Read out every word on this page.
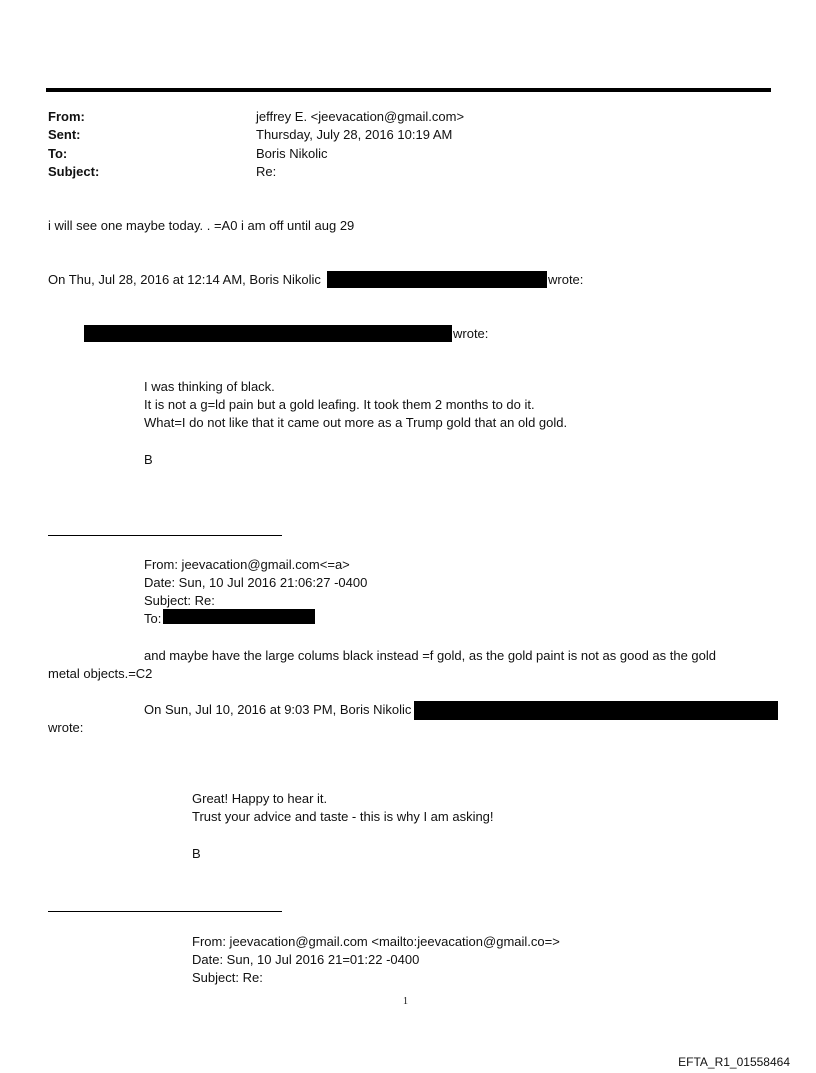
From:	jeffrey E. <jeevacation@gmail.com>
Sent:	Thursday, July 28, 2016 10:19 AM
To:	Boris Nikolic
Subject:	Re:
i will see one maybe today. . =A0 i am off until aug 29
On Thu, Jul 28, 2016 at 12:14 AM, Boris Nikolic	wrote:
wrote:
I was thinking of black.
It is not a g=ld pain but a gold leafing. It took them 2 months to do it.
What=I do not like that it came out more as a Trump gold that an old gold.
B
From: jeevacation@gmail.com<=a>
Date: Sun, 10 Jul 2016 21:06:27 -0400
Subject: Re:
To:
and maybe have the large colums black instead =f gold, as the gold paint is not as good as the gold
metal objects.=C2
On Sun, Jul 10, 2016 at 9:03 PM, Boris Nikolic
wrote:
Great! Happy to hear it.
Trust your advice and taste - this is why I am asking!
B
From: jeevacation@gmail.com <mailto:jeevacation@gmail.co=>
Date: Sun, 10 Jul 2016 21=01:22 -0400
Subject: Re:
1
EFTA_R1_01558464
